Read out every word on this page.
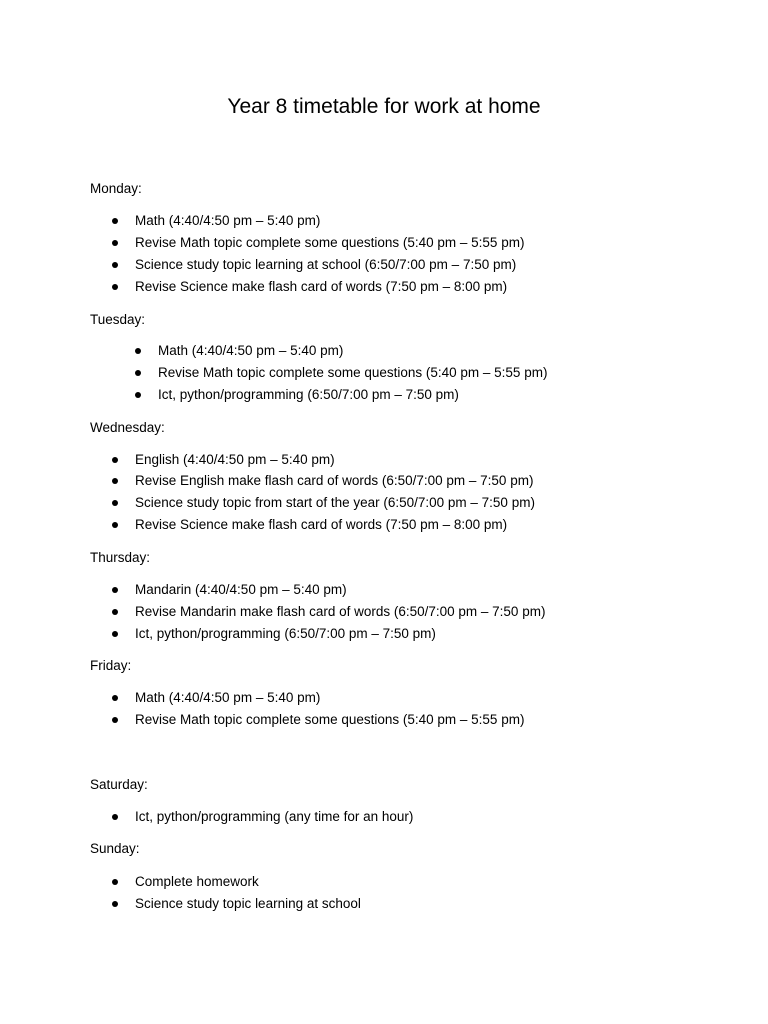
Year 8 timetable for work at home
Monday:
Math (4:40/4:50 pm – 5:40 pm)
Revise Math topic complete some questions (5:40 pm – 5:55 pm)
Science study topic learning at school (6:50/7:00 pm – 7:50 pm)
Revise Science make flash card of words (7:50 pm – 8:00 pm)
Tuesday:
Math (4:40/4:50 pm – 5:40 pm)
Revise Math topic complete some questions (5:40 pm – 5:55 pm)
Ict, python/programming (6:50/7:00 pm – 7:50 pm)
Wednesday:
English (4:40/4:50 pm – 5:40 pm)
Revise English make flash card of words (6:50/7:00 pm – 7:50 pm)
Science study topic from start of the year (6:50/7:00 pm – 7:50 pm)
Revise Science make flash card of words (7:50 pm – 8:00 pm)
Thursday:
Mandarin (4:40/4:50 pm – 5:40 pm)
Revise Mandarin make flash card of words (6:50/7:00 pm – 7:50 pm)
Ict, python/programming (6:50/7:00 pm – 7:50 pm)
Friday:
Math (4:40/4:50 pm – 5:40 pm)
Revise Math topic complete some questions (5:40 pm – 5:55 pm)
Saturday:
Ict, python/programming (any time for an hour)
Sunday:
Complete homework
Science study topic learning at school
